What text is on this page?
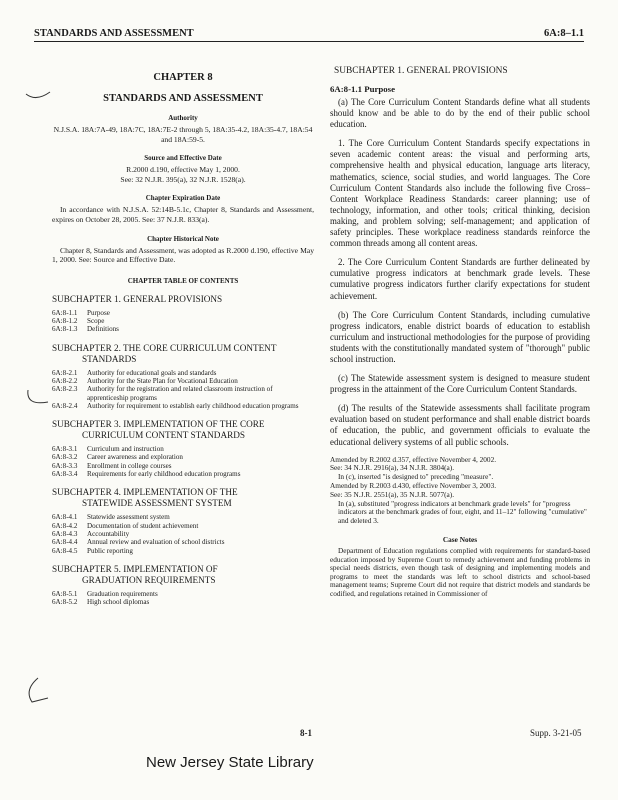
STANDARDS AND ASSESSMENT	6A:8–1.1
CHAPTER 8
STANDARDS AND ASSESSMENT
Authority
N.J.S.A. 18A:7A-49, 18A:7C, 18A:7E-2 through 5, 18A:35-4.2, 18A:35-4.7, 18A:54 and 18A:59-5.
Source and Effective Date
R.2000 d.190, effective May 1, 2000.
See: 32 N.J.R. 395(a), 32 N.J.R. 1528(a).
Chapter Expiration Date
In accordance with N.J.S.A. 52:14B-5.1c, Chapter 8, Standards and Assessment, expires on October 28, 2005. See: 37 N.J.R. 833(a).
Chapter Historical Note
Chapter 8, Standards and Assessment, was adopted as R.2000 d.190, effective May 1, 2000. See: Source and Effective Date.
CHAPTER TABLE OF CONTENTS
SUBCHAPTER 1. GENERAL PROVISIONS
6A:8-1.1	Purpose
6A:8-1.2	Scope
6A:8-1.3	Definitions
SUBCHAPTER 2. THE CORE CURRICULUM CONTENT
STANDARDS
6A:8-2.1	Authority for educational goals and standards
6A:8-2.2	Authority for the State Plan for Vocational Education
6A:8-2.3	Authority for the registration and related classroom instruction of apprenticeship programs
6A:8-2.4	Authority for requirement to establish early childhood education programs
SUBCHAPTER 3. IMPLEMENTATION OF THE CORE
CURRICULUM CONTENT STANDARDS
6A:8-3.1	Curriculum and instruction
6A:8-3.2	Career awareness and exploration
6A:8-3.3	Enrollment in college courses
6A:8-3.4	Requirements for early childhood education programs
SUBCHAPTER 4. IMPLEMENTATION OF THE
STATEWIDE ASSESSMENT SYSTEM
6A:8-4.1	Statewide assessment system
6A:8-4.2	Documentation of student achievement
6A:8-4.3	Accountability
6A:8-4.4	Annual review and evaluation of school districts
6A:8-4.5	Public reporting
SUBCHAPTER 5. IMPLEMENTATION OF
GRADUATION REQUIREMENTS
6A:8-5.1	Graduation requirements
6A:8-5.2	High school diplomas
SUBCHAPTER 1. GENERAL PROVISIONS
6A:8-1.1 Purpose

(a) The Core Curriculum Content Standards define what all students should know and be able to do by the end of their public school education.

1. The Core Curriculum Content Standards specify expectations in seven academic content areas: the visual and performing arts, comprehensive health and physical education, language arts literacy, mathematics, science, social studies, and world languages. The Core Curriculum Content Standards also include the following five Cross–Content Workplace Readiness Standards: career planning; use of technology, information, and other tools; critical thinking, decision making, and problem solving; self-management; and application of safety principles. These workplace readiness standards reinforce the common threads among all content areas.

2. The Core Curriculum Content Standards are further delineated by cumulative progress indicators at benchmark grade levels. These cumulative progress indicators further clarify expectations for student achievement.

(b) The Core Curriculum Content Standards, including cumulative progress indicators, enable district boards of education to establish curriculum and instructional methodologies for the purpose of providing students with the constitutionally mandated system of "thorough" public school instruction.

(c) The Statewide assessment system is designed to measure student progress in the attainment of the Core Curriculum Content Standards.

(d) The results of the Statewide assessments shall facilitate program evaluation based on student performance and shall enable district boards of education, the public, and government officials to evaluate the educational delivery systems of all public schools.

Amended by R.2002 d.357, effective November 4, 2002.
See: 34 N.J.R. 2916(a), 34 N.J.R. 3804(a).
In (c), inserted "is designed to" preceding "measure".
Amended by R.2003 d.430, effective November 3, 2003.
See: 35 N.J.R. 2551(a), 35 N.J.R. 5077(a).
In (a), substituted "progress indicators at benchmark grade levels" for "progress indicators at the benchmark grades of four, eight, and 11–12" following "cumulative" and deleted 3.
Case Notes
Department of Education regulations complied with requirements for standard-based education imposed by Supreme Court to remedy achievement and funding problems in special needs districts, even though task of designing and implementing models and programs to meet the standards was left to school districts and school-based management teams; Supreme Court did not require that district models and standards be codified, and regulations retained in Commissioner of
8-1	Supp. 3-21-05
New Jersey State Library
